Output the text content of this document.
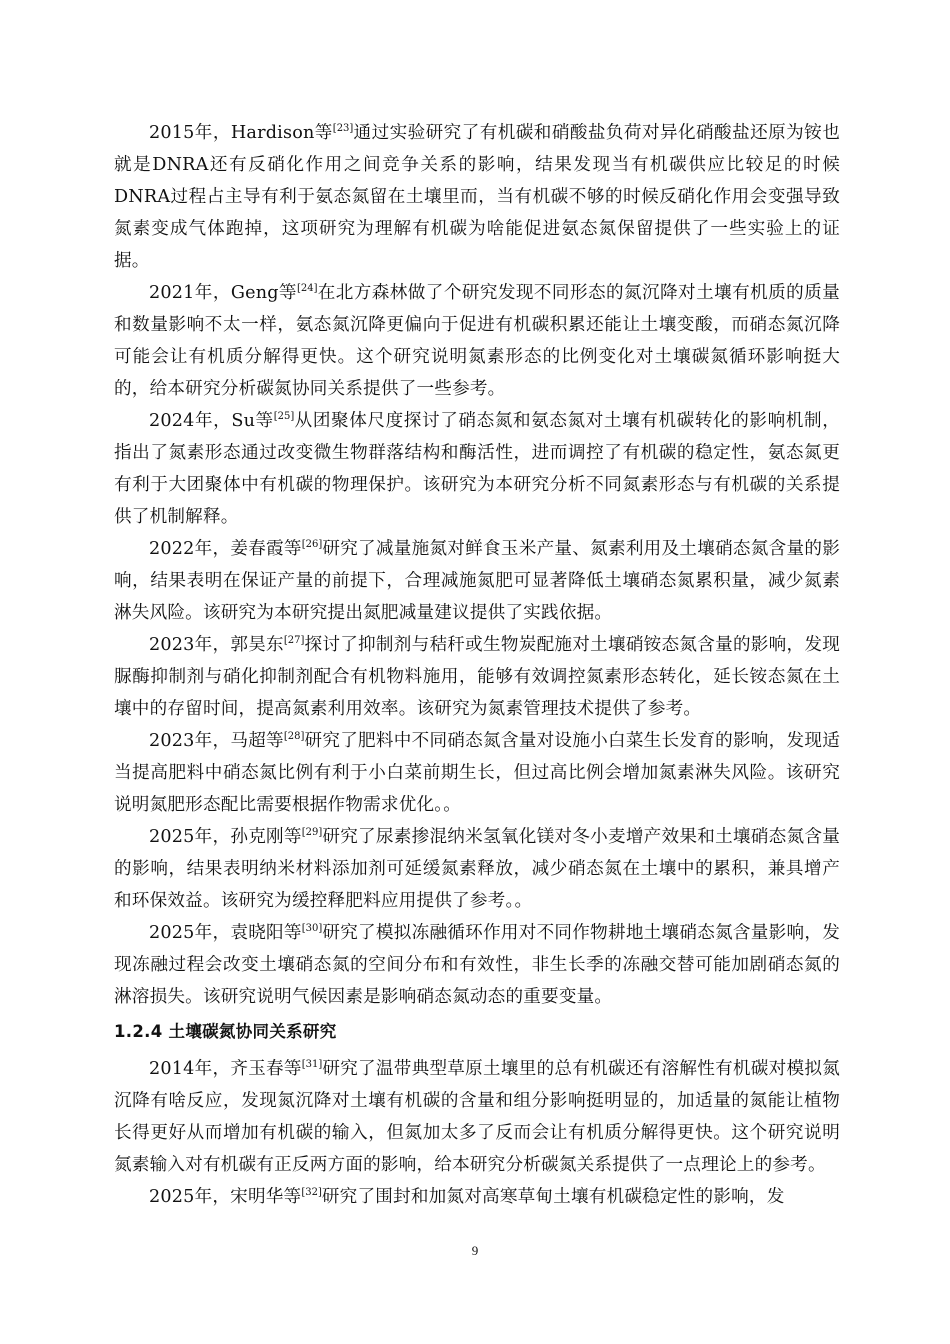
2015年，Hardison等[23]通过实验研究了有机碳和硝酸盐负荷对异化硝酸盐还原为铵也就是DNRA还有反硝化作用之间竞争关系的影响，结果发现当有机碳供应比较足的时候DNRA过程占主导有利于氨态氮留在土壤里而，当有机碳不够的时候反硝化作用会变强导致氮素变成气体跑掉，这项研究为理解有机碳为啥能促进氨态氮保留提供了一些实验上的证据。

2021年，Geng等[24]在北方森林做了个研究发现不同形态的氮沉降对土壤有机质的质量和数量影响不太一样，氨态氮沉降更偏向于促进有机碳积累还能让土壤变酸，而硝态氮沉降可能会让有机质分解得更快。这个研究说明氮素形态的比例变化对土壤碳氮循环影响挺大的，给本研究分析碳氮协同关系提供了一些参考。

2024年，Su等[25]从团聚体尺度探讨了硝态氮和氨态氮对土壤有机碳转化的影响机制，指出了氮素形态通过改变微生物群落结构和酶活性，进而调控了有机碳的稳定性，氨态氮更有利于大团聚体中有机碳的物理保护。该研究为本研究分析不同氮素形态与有机碳的关系提供了机制解释。

2022年，姜春霞等[26]研究了减量施氮对鲜食玉米产量、氮素利用及土壤硝态氮含量的影响，结果表明在保证产量的前提下，合理减施氮肥可显著降低土壤硝态氮累积量，减少氮素淋失风险。该研究为本研究提出氮肥减量建议提供了实践依据。

2023年，郭昊东[27]探讨了抑制剂与秸秆或生物炭配施对土壤硝铵态氮含量的影响，发现脲酶抑制剂与硝化抑制剂配合有机物料施用，能够有效调控氮素形态转化，延长铵态氮在土壤中的存留时间，提高氮素利用效率。该研究为氮素管理技术提供了参考。

2023年，马超等[28]研究了肥料中不同硝态氮含量对设施小白菜生长发育的影响，发现适当提高肥料中硝态氮比例有利于小白菜前期生长，但过高比例会增加氮素淋失风险。该研究说明氮肥形态配比需要根据作物需求优化。。

2025年，孙克刚等[29]研究了尿素掺混纳米氢氧化镁对冬小麦增产效果和土壤硝态氮含量的影响，结果表明纳米材料添加剂可延缓氮素释放，减少硝态氮在土壤中的累积，兼具增产和环保效益。该研究为缓控释肥料应用提供了参考。。

2025年，袁晓阳等[30]研究了模拟冻融循环作用对不同作物耕地土壤硝态氮含量影响，发现冻融过程会改变土壤硝态氮的空间分布和有效性，非生长季的冻融交替可能加剧硝态氮的淋溶损失。该研究说明气候因素是影响硝态氮动态的重要变量。

1.2.4 土壤碳氮协同关系研究

2014年，齐玉春等[31]研究了温带典型草原土壤里的总有机碳还有溶解性有机碳对模拟氮沉降有啥反应，发现氮沉降对土壤有机碳的含量和组分影响挺明显的，加适量的氮能让植物长得更好从而增加有机碳的输入，但氮加太多了反而会让有机质分解得更快。这个研究说明氮素输入对有机碳有正反两方面的影响，给本研究分析碳氮关系提供了一点理论上的参考。

2025年，宋明华等[32]研究了围封和加氮对高寒草甸土壤有机碳稳定性的影响，发

9
